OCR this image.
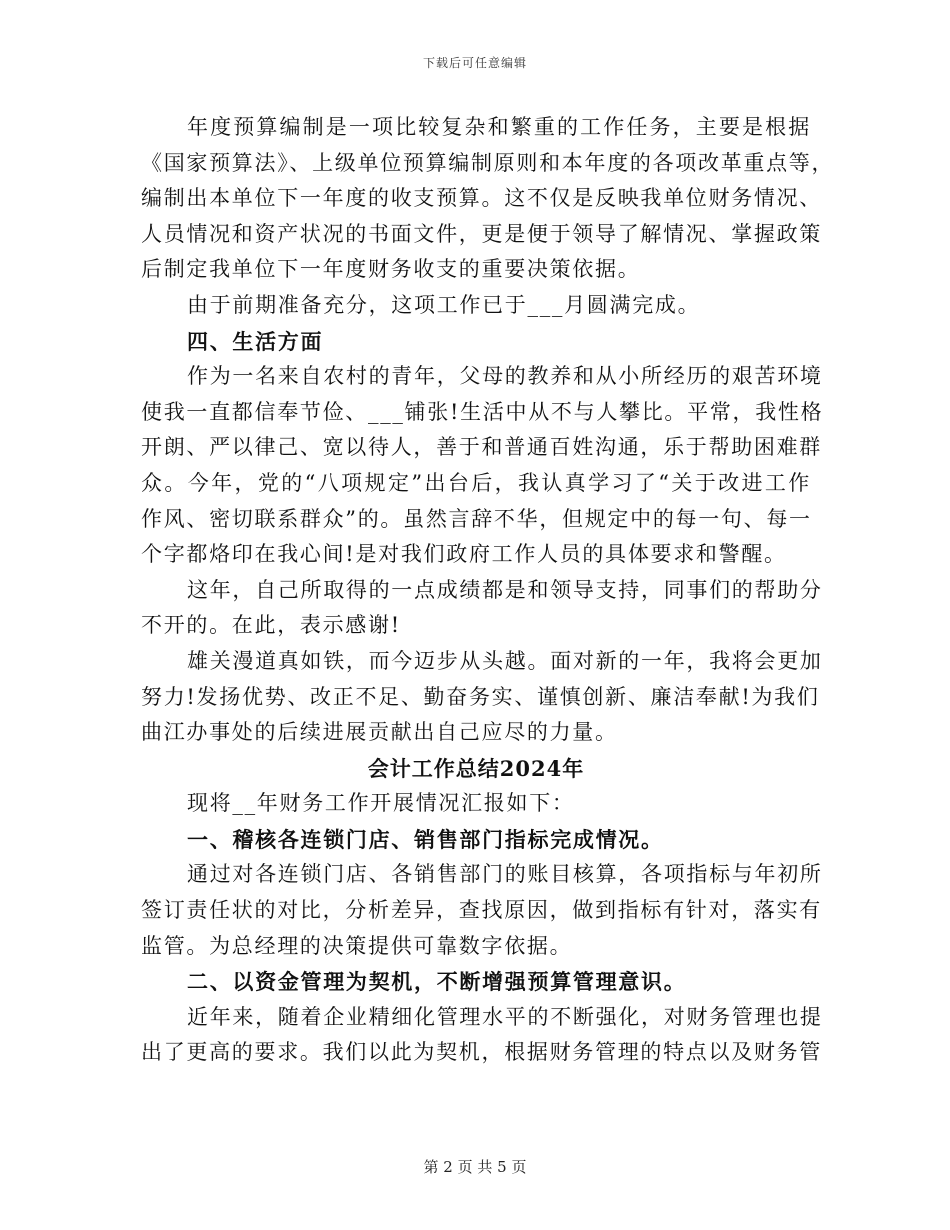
下载后可任意编辑
年度预算编制是一项比较复杂和繁重的工作任务，主要是根据
《国家预算法》、上级单位预算编制原则和本年度的各项改革重点等，
编制出本单位下一年度的收支预算。这不仅是反映我单位财务情况、
人员情况和资产状况的书面文件，更是便于领导了解情况、掌握政策
后制定我单位下一年度财务收支的重要决策依据。
由于前期准备充分，这项工作已于___月圆满完成。
四、生活方面
作为一名来自农村的青年，父母的教养和从小所经历的艰苦环境
使我一直都信奉节俭、___铺张!生活中从不与人攀比。平常，我性格
开朗、严以律己、宽以待人，善于和普通百姓沟通，乐于帮助困难群
众。今年，党的“八项规定”出台后，我认真学习了“关于改进工作
作风、密切联系群众”的。虽然言辞不华，但规定中的每一句、每一
个字都烙印在我心间!是对我们政府工作人员的具体要求和警醒。
这年，自己所取得的一点成绩都是和领导支持，同事们的帮助分
不开的。在此，表示感谢!
雄关漫道真如铁，而今迈步从头越。面对新的一年，我将会更加
努力!发扬优势、改正不足、勤奋务实、谨慎创新、廉洁奉献!为我们
曲江办事处的后续进展贡献出自己应尽的力量。
会计工作总结2024年
现将__年财务工作开展情况汇报如下：
一、稽核各连锁门店、销售部门指标完成情况。
通过对各连锁门店、各销售部门的账目核算，各项指标与年初所
签订责任状的对比，分析差异，查找原因，做到指标有针对，落实有
监管。为总经理的决策提供可靠数字依据。
二、以资金管理为契机，不断增强预算管理意识。
近年来，随着企业精细化管理水平的不断强化，对财务管理也提
出了更高的要求。我们以此为契机，根据财务管理的特点以及财务管
第 2 页 共 5 页
